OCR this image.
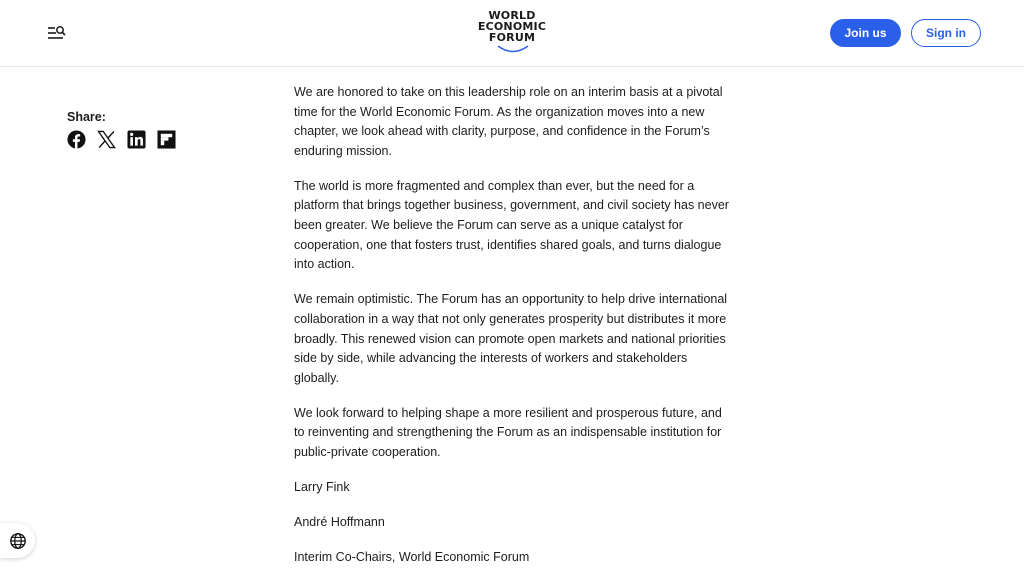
WORLD
ECONOMIC
FORUM	Join us	Sign in
Share:

We are honored to take on this leadership role on an interim basis at a pivotal time for the World Economic Forum. As the organization moves into a new chapter, we look ahead with clarity, purpose, and confidence in the Forum’s enduring mission.

The world is more fragmented and complex than ever, but the need for a platform that brings together business, government, and civil society has never been greater. We believe the Forum can serve as a unique catalyst for cooperation, one that fosters trust, identifies shared goals, and turns dialogue into action.

We remain optimistic. The Forum has an opportunity to help drive international collaboration in a way that not only generates prosperity but distributes it more broadly. This renewed vision can promote open markets and national priorities side by side, while advancing the interests of workers and stakeholders globally.

We look forward to helping shape a more resilient and prosperous future, and to reinventing and strengthening the Forum as an indispensable institution for public-private cooperation.

Larry Fink

André Hoffmann

Interim Co-Chairs, World Economic Forum
